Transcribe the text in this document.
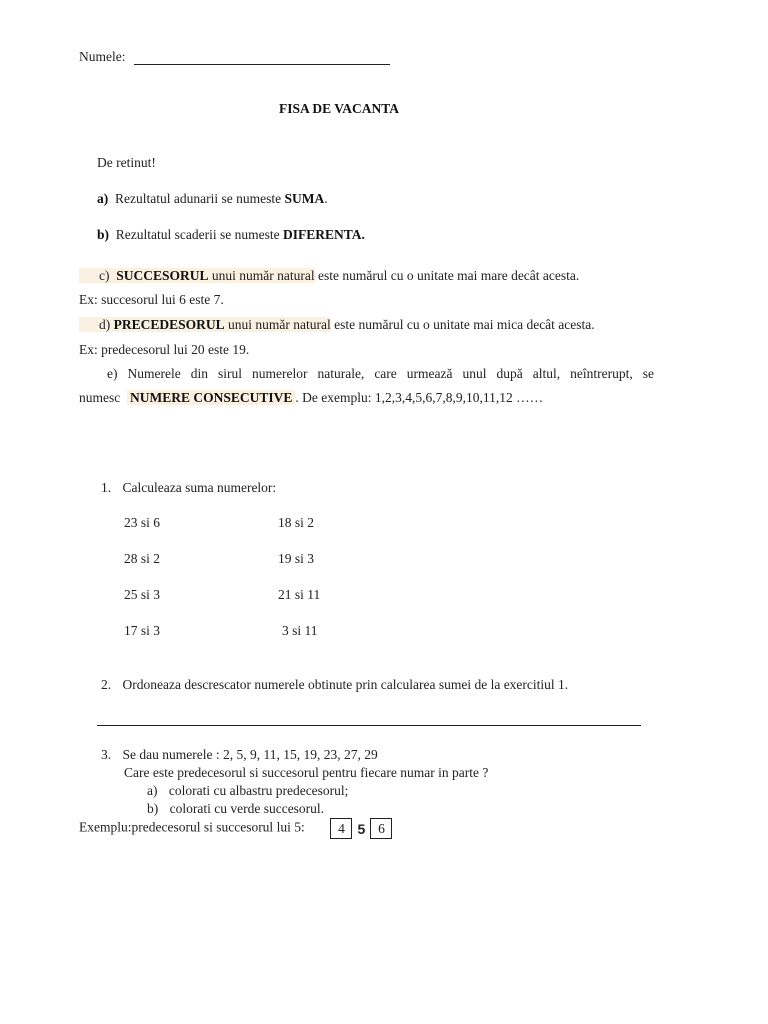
Numele:
FISA DE VACANTA
De retinut!
a) Rezultatul adunarii se numeste SUMA.
b) Rezultatul scaderii se numeste DIFERENTA.
c) SUCCESORUL unui număr natural este numărul cu o unitate mai mare decât acesta.
Ex: succesorul lui 6 este 7.
d) PRECEDESORUL unui număr natural este numărul cu o unitate mai mica decât acesta.
Ex: predecesorul lui 20 este 19.
e) Numerele din sirul numerelor naturale, care urmează unul după altul, neîntrerupt, se
numesc NUMERE CONSECUTIVE . De exemplu: 1,2,3,4,5,6,7,8,9,10,11,12 ……
1. Calculeaza suma numerelor:
23 si 6	18 si 2
28 si 2	19 si 3
25 si 3	21 si 11
17 si 3	3 si 11
2. Ordoneaza descrescator numerele obtinute prin calcularea sumei de la exercitiul 1.
3. Se dau numerele : 2, 5, 9, 11, 15, 19, 23, 27, 29
Care este predecesorul si succesorul pentru fiecare numar in parte ?
a) colorati cu albastru predecesorul;
b) colorati cu verde succesorul.
Exemplu:predecesorul si succesorul lui 5: 4 5 6
